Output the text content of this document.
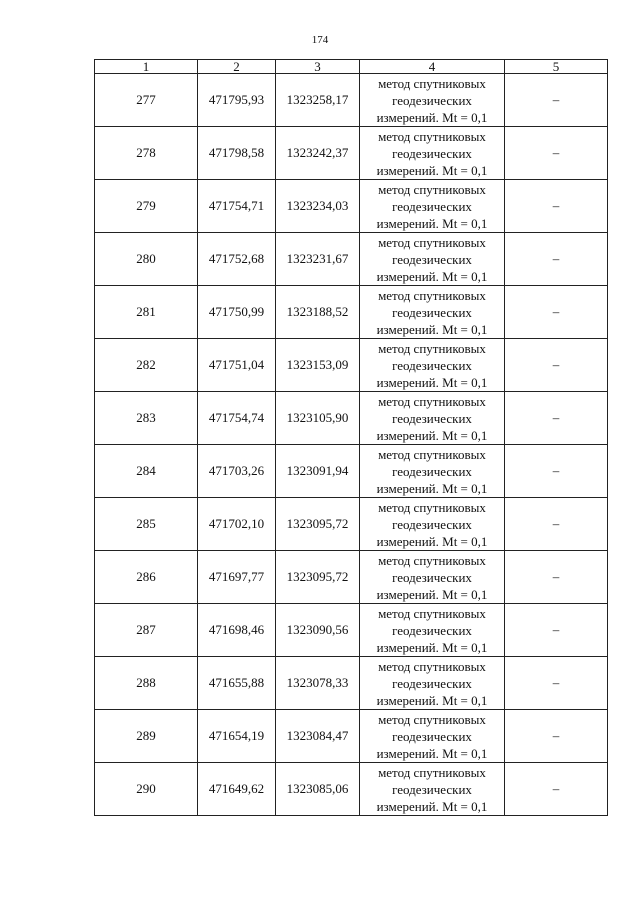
174
1	2	3	4	5
277	471795,93	1323258,17	метод спутниковых
геодезических
измерений. Mt = 0,1	–
278	471798,58	1323242,37	метод спутниковых
геодезических
измерений. Mt = 0,1	–
279	471754,71	1323234,03	метод спутниковых
геодезических
измерений. Mt = 0,1	–
280	471752,68	1323231,67	метод спутниковых
геодезических
измерений. Mt = 0,1	–
281	471750,99	1323188,52	метод спутниковых
геодезических
измерений. Mt = 0,1	–
282	471751,04	1323153,09	метод спутниковых
геодезических
измерений. Mt = 0,1	–
283	471754,74	1323105,90	метод спутниковых
геодезических
измерений. Mt = 0,1	–
284	471703,26	1323091,94	метод спутниковых
геодезических
измерений. Mt = 0,1	–
285	471702,10	1323095,72	метод спутниковых
геодезических
измерений. Mt = 0,1	–
286	471697,77	1323095,72	метод спутниковых
геодезических
измерений. Mt = 0,1	–
287	471698,46	1323090,56	метод спутниковых
геодезических
измерений. Mt = 0,1	–
288	471655,88	1323078,33	метод спутниковых
геодезических
измерений. Mt = 0,1	–
289	471654,19	1323084,47	метод спутниковых
геодезических
измерений. Mt = 0,1	–
290	471649,62	1323085,06	метод спутниковых
геодезических
измерений. Mt = 0,1	–
